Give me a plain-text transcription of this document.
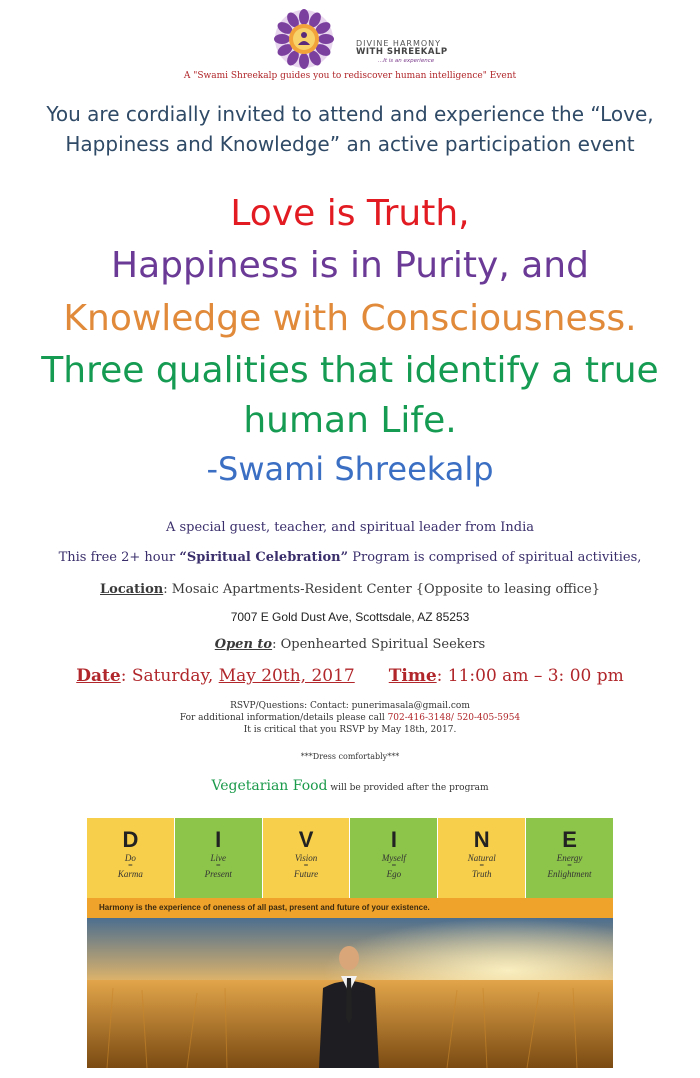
DIVINE HARMONY
WITH SHREEKALP
...It is an experience
A "Swami Shreekalp guides you to rediscover human intelligence" Event
You are cordially invited to attend and experience the “Love,
Happiness and Knowledge” an active participation event
Love is Truth,
Happiness is in Purity, and
Knowledge with Consciousness.
Three qualities that identify a true
human Life.
-Swami Shreekalp
A special guest, teacher, and spiritual leader from India
This free 2+ hour “Spiritual Celebration” Program is comprised of spiritual activities,
Location: Mosaic Apartments-Resident Center {Opposite to leasing office}
7007 E Gold Dust Ave, Scottsdale, AZ 85253
Open to: Openhearted Spiritual Seekers
Date: Saturday, May 20th, 2017 Time: 11:00 am – 3: 00 pm
RSVP/Questions: Contact: punerimasala@gmail.com
For additional information/details please call 702-416-3148/ 520-405-5954
It is critical that you RSVP by May 18th, 2017.
***Dress comfortably***
Vegetarian Food will be provided after the program
D
Do
=
Karma
I
Live
=
Present
V
Vision
=
Future
I
Myself
=
Ego
N
Natural
=
Truth
E
Energy
=
Enlightment
Harmony is the experience of oneness of all past, present and future of your existence.
